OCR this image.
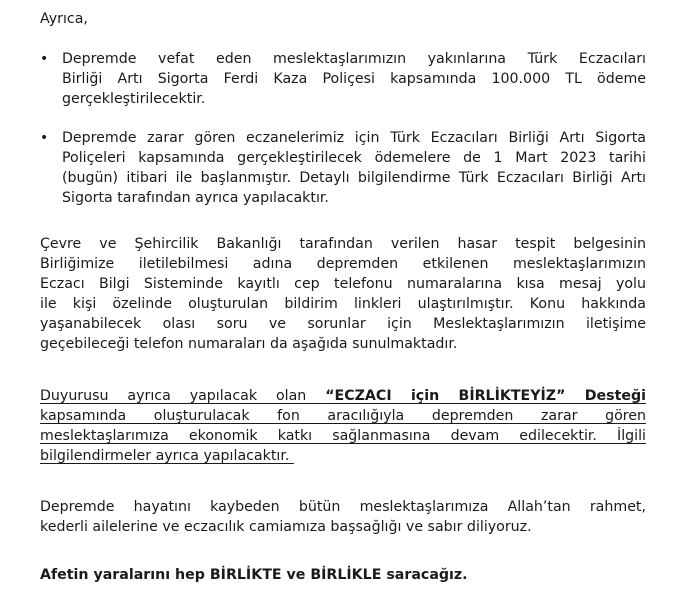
Ayrıca,
• Depremde vefat eden meslektaşlarımızın yakınlarına Türk Eczacıları
Birliği Artı Sigorta Ferdi Kaza Poliçesi kapsamında 100.000 TL ödeme
gerçekleştirilecektir.
• Depremde zarar gören eczanelerimiz için Türk Eczacıları Birliği Artı Sigorta
Poliçeleri kapsamında gerçekleştirilecek ödemelere de 1 Mart 2023 tarihi
(bugün) itibari ile başlanmıştır. Detaylı bilgilendirme Türk Eczacıları Birliği Artı
Sigorta tarafından ayrıca yapılacaktır.
Çevre ve Şehircilik Bakanlığı tarafından verilen hasar tespit belgesinin
Birliğimize iletilebilmesi adına depremden etkilenen meslektaşlarımızın
Eczacı Bilgi Sisteminde kayıtlı cep telefonu numaralarına kısa mesaj yolu
ile kişi özelinde oluşturulan bildirim linkleri ulaştırılmıştır. Konu hakkında
yaşanabilecek olası soru ve sorunlar için Meslektaşlarımızın iletişime
geçebileceği telefon numaraları da aşağıda sunulmaktadır.
Duyurusu ayrıca yapılacak olan “ECZACI için BİRLİKTEYİZ” Desteği
kapsamında oluşturulacak fon aracılığıyla depremden zarar gören
meslektaşlarımıza ekonomik katkı sağlanmasına devam edilecektir. İlgili
bilgilendirmeler ayrıca yapılacaktır.
Depremde hayatını kaybeden bütün meslektaşlarımıza Allah’tan rahmet,
kederli ailelerine ve eczacılık camiamıza başsağlığı ve sabır diliyoruz.
Afetin yaralarını hep BİRLİKTE ve BİRLİKLE saracağız.
